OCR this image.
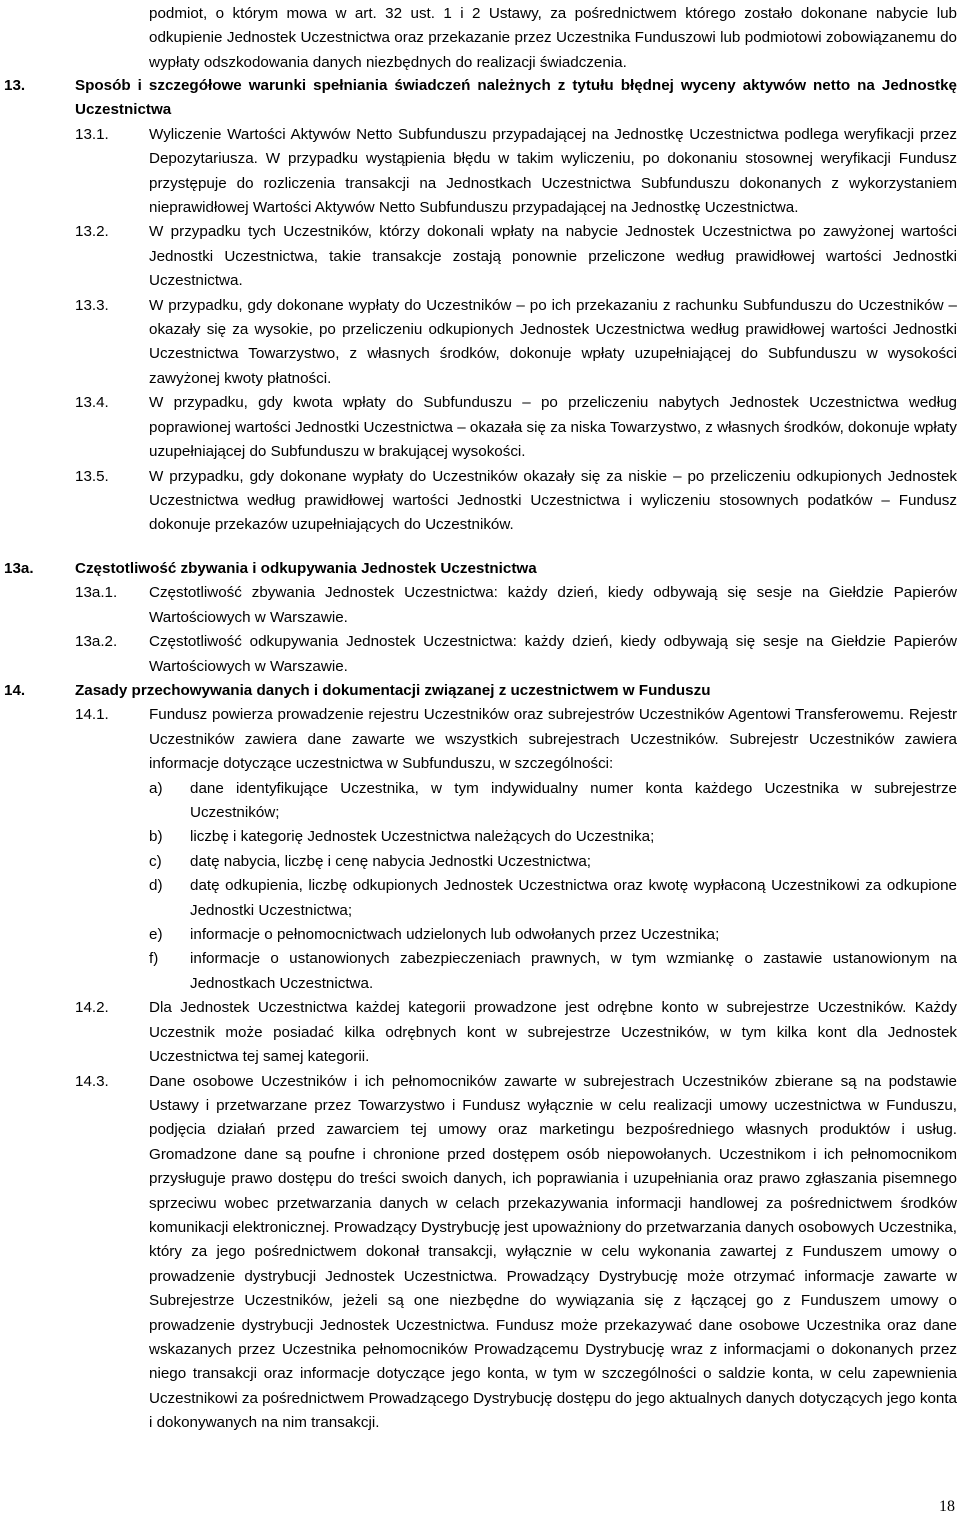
podmiot, o którym mowa w art. 32 ust. 1 i 2 Ustawy, za pośrednictwem którego zostało dokonane nabycie lub odkupienie Jednostek Uczestnictwa oraz przekazanie przez Uczestnika Funduszowi lub podmiotowi zobowiązanemu do wypłaty odszkodowania danych niezbędnych do realizacji świadczenia.

13.	Sposób i szczegółowe warunki spełniania świadczeń należnych z tytułu błędnej wyceny aktywów netto na Jednostkę Uczestnictwa
13.1.	Wyliczenie Wartości Aktywów Netto Subfunduszu przypadającej na Jednostkę Uczestnictwa podlega weryfikacji przez Depozytariusza. W przypadku wystąpienia błędu w takim wyliczeniu, po dokonaniu stosownej weryfikacji Fundusz przystępuje do rozliczenia transakcji na Jednostkach Uczestnictwa Subfunduszu dokonanych z wykorzystaniem nieprawidłowej Wartości Aktywów Netto Subfunduszu przypadającej na Jednostkę Uczestnictwa.
13.2.	W przypadku tych Uczestników, którzy dokonali wpłaty na nabycie Jednostek Uczestnictwa po zawyżonej wartości Jednostki Uczestnictwa, takie transakcje zostają ponownie przeliczone według prawidłowej wartości Jednostki Uczestnictwa.
13.3.	W przypadku, gdy dokonane wypłaty do Uczestników – po ich przekazaniu z rachunku Subfunduszu do Uczestników – okazały się za wysokie, po przeliczeniu odkupionych Jednostek Uczestnictwa według prawidłowej wartości Jednostki Uczestnictwa Towarzystwo, z własnych środków, dokonuje wpłaty uzupełniającej do Subfunduszu w wysokości zawyżonej kwoty płatności.
13.4.	W przypadku, gdy kwota wpłaty do Subfunduszu – po przeliczeniu nabytych Jednostek Uczestnictwa według poprawionej wartości Jednostki Uczestnictwa – okazała się za niska Towarzystwo, z własnych środków, dokonuje wpłaty uzupełniającej do Subfunduszu w brakującej wysokości.
13.5.	W przypadku, gdy dokonane wypłaty do Uczestników okazały się za niskie – po przeliczeniu odkupionych Jednostek Uczestnictwa według prawidłowej wartości Jednostki Uczestnictwa i wyliczeniu stosownych podatków – Fundusz dokonuje przekazów uzupełniających do Uczestników.
13a.	Częstotliwość zbywania i odkupywania Jednostek Uczestnictwa
13a.1. Częstotliwość zbywania Jednostek Uczestnictwa: każdy dzień, kiedy odbywają się sesje na Giełdzie Papierów Wartościowych w Warszawie.
13a.2. Częstotliwość odkupywania Jednostek Uczestnictwa: każdy dzień, kiedy odbywają się sesje na Giełdzie Papierów Wartościowych w Warszawie.
14.	Zasady przechowywania danych i dokumentacji związanej z uczestnictwem w Funduszu
14.1.	Fundusz powierza prowadzenie rejestru Uczestników oraz subrejestrów Uczestników Agentowi Transferowemu. Rejestr Uczestników zawiera dane zawarte we wszystkich subrejestrach Uczestników. Subrejestr Uczestników zawiera informacje dotyczące uczestnictwa w Subfunduszu, w szczególności:
a) dane identyfikujące Uczestnika, w tym indywidualny numer konta każdego Uczestnika w subrejestrze Uczestników;
b) liczbę i kategorię Jednostek Uczestnictwa należących do Uczestnika;
c) datę nabycia, liczbę i cenę nabycia Jednostki Uczestnictwa;
d) datę odkupienia, liczbę odkupionych Jednostek Uczestnictwa oraz kwotę wypłaconą Uczestnikowi za odkupione Jednostki Uczestnictwa;
e) informacje o pełnomocnictwach udzielonych lub odwołanych przez Uczestnika;
f) informacje o ustanowionych zabezpieczeniach prawnych, w tym wzmiankę o zastawie ustanowionym na Jednostkach Uczestnictwa.
14.2.	Dla Jednostek Uczestnictwa każdej kategorii prowadzone jest odrębne konto w subrejestrze Uczestników. Każdy Uczestnik może posiadać kilka odrębnych kont w subrejestrze Uczestników, w tym kilka kont dla Jednostek Uczestnictwa tej samej kategorii.
14.3.	Dane osobowe Uczestników i ich pełnomocników zawarte w subrejestrach Uczestników zbierane są na podstawie Ustawy i przetwarzane przez Towarzystwo i Fundusz wyłącznie w celu realizacji umowy uczestnictwa w Funduszu, podjęcia działań przed zawarciem tej umowy oraz marketingu bezpośredniego własnych produktów i usług. Gromadzone dane są poufne i chronione przed dostępem osób niepowołanych. Uczestnikom i ich pełnomocnikom przysługuje prawo dostępu do treści swoich danych, ich poprawiania i uzupełniania oraz prawo zgłaszania pisemnego sprzeciwu wobec przetwarzania danych w celach przekazywania informacji handlowej za pośrednictwem środków komunikacji elektronicznej. Prowadzący Dystrybucję jest upoważniony do przetwarzania danych osobowych Uczestnika, który za jego pośrednictwem dokonał transakcji, wyłącznie w celu wykonania zawartej z Funduszem umowy o prowadzenie dystrybucji Jednostek Uczestnictwa. Prowadzący Dystrybucję może otrzymać informacje zawarte w Subrejestrze Uczestników, jeżeli są one niezbędne do wywiązania się z łączącej go z Funduszem umowy o prowadzenie dystrybucji Jednostek Uczestnictwa. Fundusz może przekazywać dane osobowe Uczestnika oraz dane wskazanych przez Uczestnika pełnomocników Prowadzącemu Dystrybucję wraz z informacjami o dokonanych przez niego transakcji oraz informacje dotyczące jego konta, w tym w szczególności o saldzie konta, w celu zapewnienia Uczestnikowi za pośrednictwem Prowadzącego Dystrybucję dostępu do jego aktualnych danych dotyczących jego konta i dokonywanych na nim transakcji.
18
